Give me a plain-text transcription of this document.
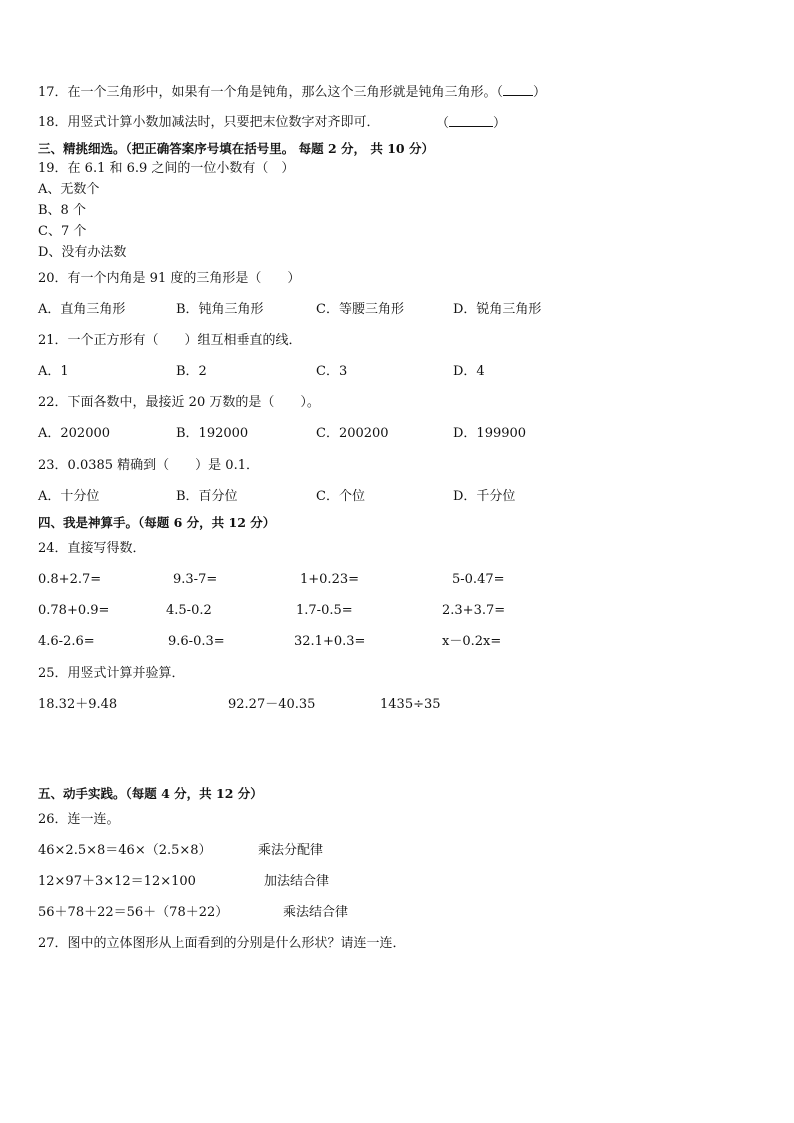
17．在一个三角形中，如果有一个角是钝角，那么这个三角形就是钝角三角形。（ ）
18．用竖式计算小数加减法时，只要把末位数字对齐即可．	（	）
三、精挑细选。（把正确答案序号填在括号里。 每题 2 分， 共 10 分）
19．在 6.1 和 6.9 之间的一位小数有（　）
A、无数个
B、8 个
C、7 个
D、没有办法数
20．有一个内角是 91 度的三角形是（　　）
A．直角三角形	B．钝角三角形	C．等腰三角形	D．锐角三角形
21．一个正方形有（　　）组互相垂直的线．
A．1	B．2	C．3	D．4
22．下面各数中，最接近 20 万数的是（　　）。
A．202000	B．192000	C．200200	D．199900
23．0.0385 精确到（　　）是 0.1．
A．十分位	B．百分位	C．个位	D．千分位
四、我是神算手。（每题 6 分，共 12 分）
24．直接写得数．
0.8+2.7=	9.3-7=	1+0.23=	5-0.47=
0.78+0.9=	4.5-0.2	1.7-0.5=	2.3+3.7=
4.6-2.6=	9.6-0.3=	32.1+0.3=	x－0.2x=
25．用竖式计算并验算．
18.32＋9.48	92.27－40.35	1435÷35
五、动手实践。（每题 4 分，共 12 分）
26．连一连。
46×2.5×8＝46×（2.5×8）	乘法分配律
12×97＋3×12＝12×100	加法结合律
56＋78＋22＝56＋（78＋22）	乘法结合律
27．图中的立体图形从上面看到的分别是什么形状？请连一连．
